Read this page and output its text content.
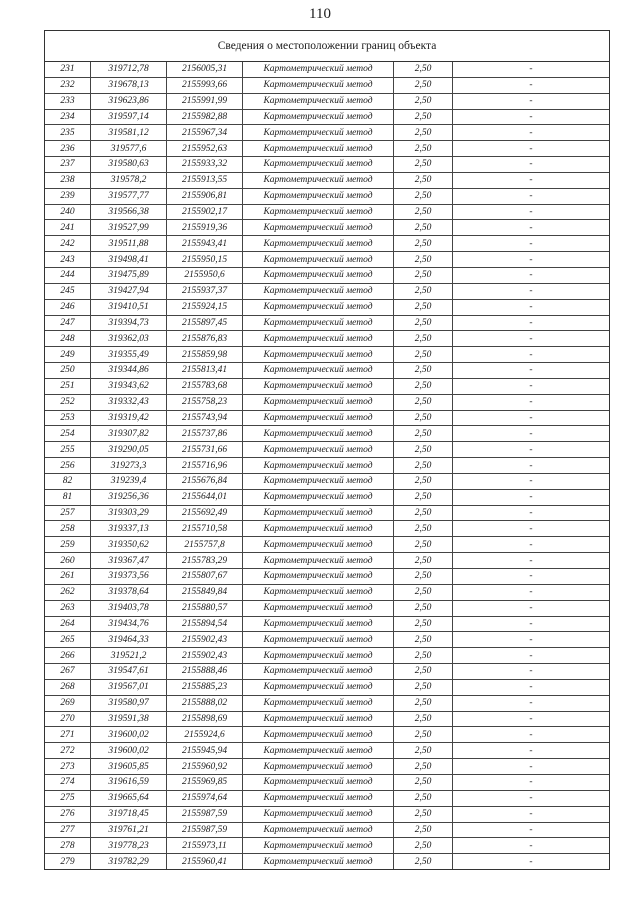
110
Сведения о местоположении границ объекта
231	319712,78	2156005,31	Картометрический метод	2,50	-
232	319678,13	2155993,66	Картометрический метод	2,50	-
233	319623,86	2155991,99	Картометрический метод	2,50	-
234	319597,14	2155982,88	Картометрический метод	2,50	-
235	319581,12	2155967,34	Картометрический метод	2,50	-
236	319577,6	2155952,63	Картометрический метод	2,50	-
237	319580,63	2155933,32	Картометрический метод	2,50	-
238	319578,2	2155913,55	Картометрический метод	2,50	-
239	319577,77	2155906,81	Картометрический метод	2,50	-
240	319566,38	2155902,17	Картометрический метод	2,50	-
241	319527,99	2155919,36	Картометрический метод	2,50	-
242	319511,88	2155943,41	Картометрический метод	2,50	-
243	319498,41	2155950,15	Картометрический метод	2,50	-
244	319475,89	2155950,6	Картометрический метод	2,50	-
245	319427,94	2155937,37	Картометрический метод	2,50	-
246	319410,51	2155924,15	Картометрический метод	2,50	-
247	319394,73	2155897,45	Картометрический метод	2,50	-
248	319362,03	2155876,83	Картометрический метод	2,50	-
249	319355,49	2155859,98	Картометрический метод	2,50	-
250	319344,86	2155813,41	Картометрический метод	2,50	-
251	319343,62	2155783,68	Картометрический метод	2,50	-
252	319332,43	2155758,23	Картометрический метод	2,50	-
253	319319,42	2155743,94	Картометрический метод	2,50	-
254	319307,82	2155737,86	Картометрический метод	2,50	-
255	319290,05	2155731,66	Картометрический метод	2,50	-
256	319273,3	2155716,96	Картометрический метод	2,50	-
82	319239,4	2155676,84	Картометрический метод	2,50	-
81	319256,36	2155644,01	Картометрический метод	2,50	-
257	319303,29	2155692,49	Картометрический метод	2,50	-
258	319337,13	2155710,58	Картометрический метод	2,50	-
259	319350,62	2155757,8	Картометрический метод	2,50	-
260	319367,47	2155783,29	Картометрический метод	2,50	-
261	319373,56	2155807,67	Картометрический метод	2,50	-
262	319378,64	2155849,84	Картометрический метод	2,50	-
263	319403,78	2155880,57	Картометрический метод	2,50	-
264	319434,76	2155894,54	Картометрический метод	2,50	-
265	319464,33	2155902,43	Картометрический метод	2,50	-
266	319521,2	2155902,43	Картометрический метод	2,50	-
267	319547,61	2155888,46	Картометрический метод	2,50	-
268	319567,01	2155885,23	Картометрический метод	2,50	-
269	319580,97	2155888,02	Картометрический метод	2,50	-
270	319591,38	2155898,69	Картометрический метод	2,50	-
271	319600,02	2155924,6	Картометрический метод	2,50	-
272	319600,02	2155945,94	Картометрический метод	2,50	-
273	319605,85	2155960,92	Картометрический метод	2,50	-
274	319616,59	2155969,85	Картометрический метод	2,50	-
275	319665,64	2155974,64	Картометрический метод	2,50	-
276	319718,45	2155987,59	Картометрический метод	2,50	-
277	319761,21	2155987,59	Картометрический метод	2,50	-
278	319778,23	2155973,11	Картометрический метод	2,50	-
279	319782,29	2155960,41	Картометрический метод	2,50	-
